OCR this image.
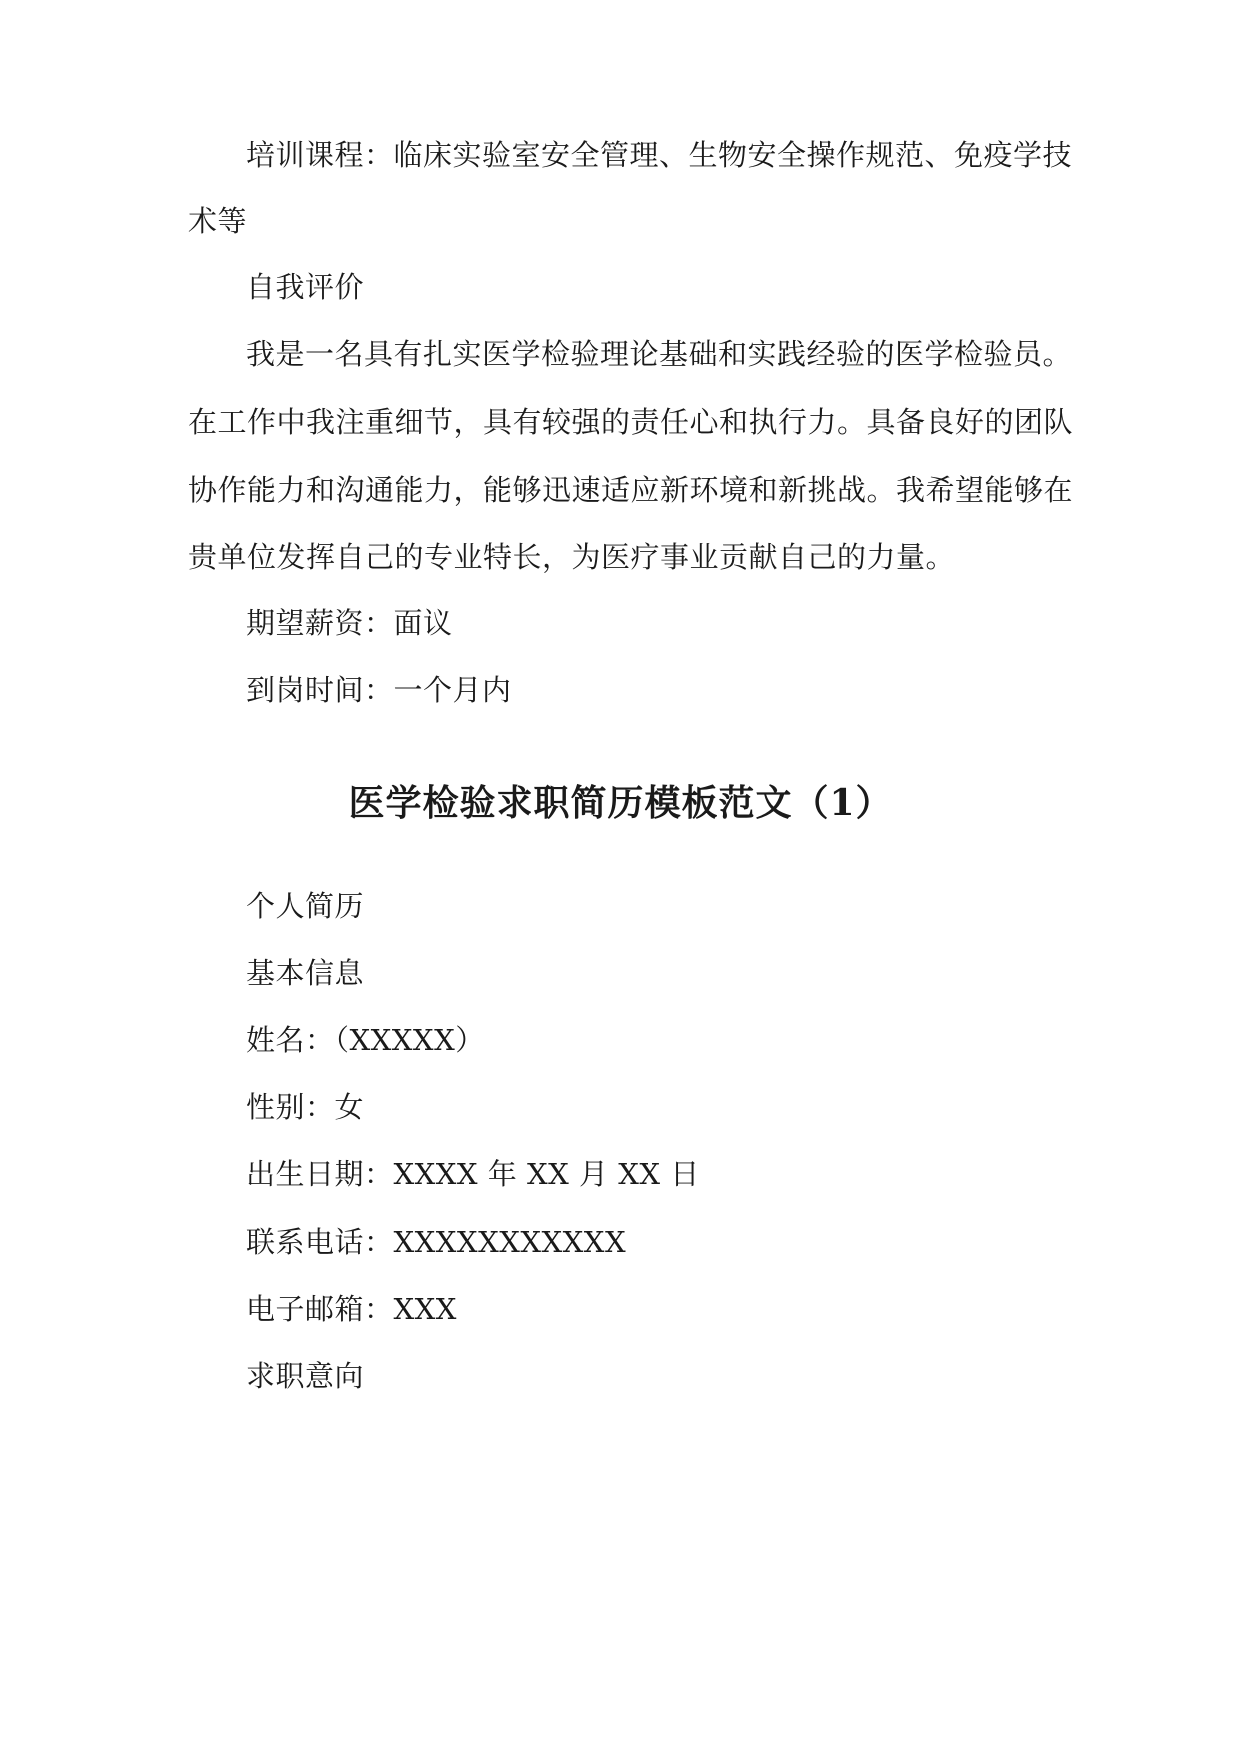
培训课程：临床实验室安全管理、生物安全操作规范、免疫学技
术等
自我评价
我是一名具有扎实医学检验理论基础和实践经验的医学检验员。
在工作中我注重细节，具有较强的责任心和执行力。具备良好的团队
协作能力和沟通能力，能够迅速适应新环境和新挑战。我希望能够在
贵单位发挥自己的专业特长，为医疗事业贡献自己的力量。
期望薪资：面议
到岗时间：一个月内
医学检验求职简历模板范文（1）
个人简历
基本信息
姓名：（XXXXX）
性别：女
出生日期：XXXX 年 XX 月 XX 日
联系电话：XXXXXXXXXXX
电子邮箱：XXX
求职意向
